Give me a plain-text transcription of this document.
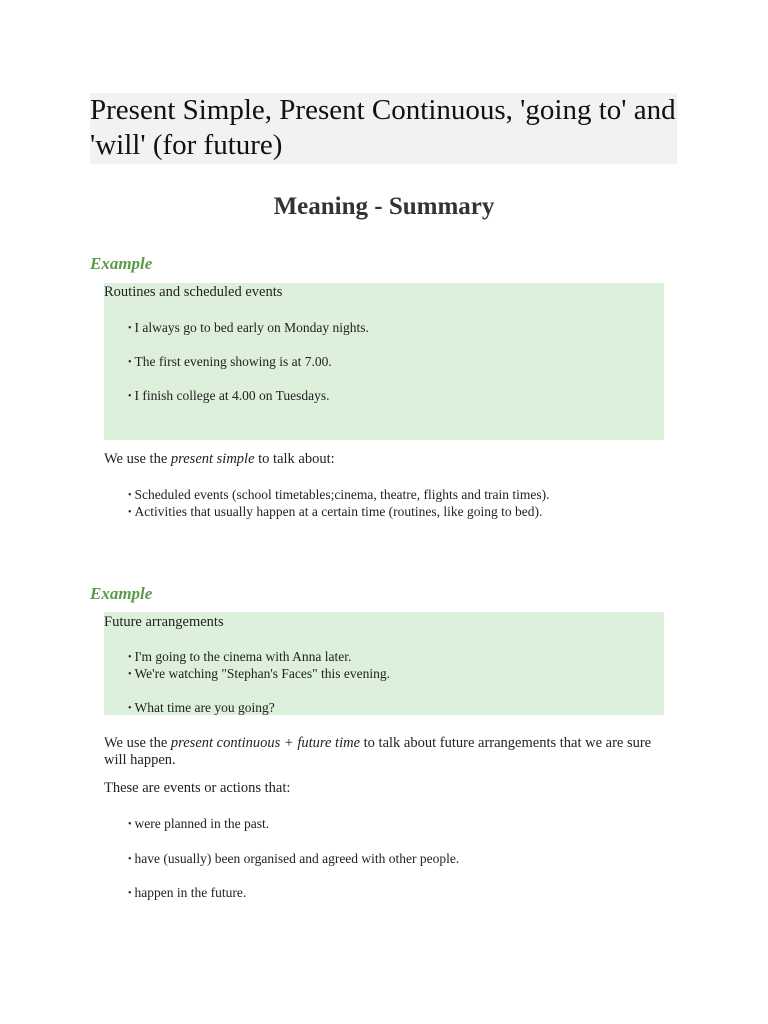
Present Simple, Present Continuous, 'going to' and 'will' (for future)
Meaning - Summary

Example

Routines and scheduled events

• I always go to bed early on Monday nights.

• The first evening showing is at 7.00.

• I finish college at 4.00 on Tuesdays.

We use the present simple to talk about:

• Scheduled events (school timetables;cinema, theatre, flights and train times).

• Activities that usually happen at a certain time (routines, like going to bed).

Example

Future arrangements

• I'm going to the cinema with Anna later.

• We're watching "Stephan's Faces" this evening.

• What time are you going?

We use the present continuous + future time to talk about future arrangements that we are sure will happen.

These are events or actions that:

• were planned in the past.

• have (usually) been organised and agreed with other people.

• happen in the future.
